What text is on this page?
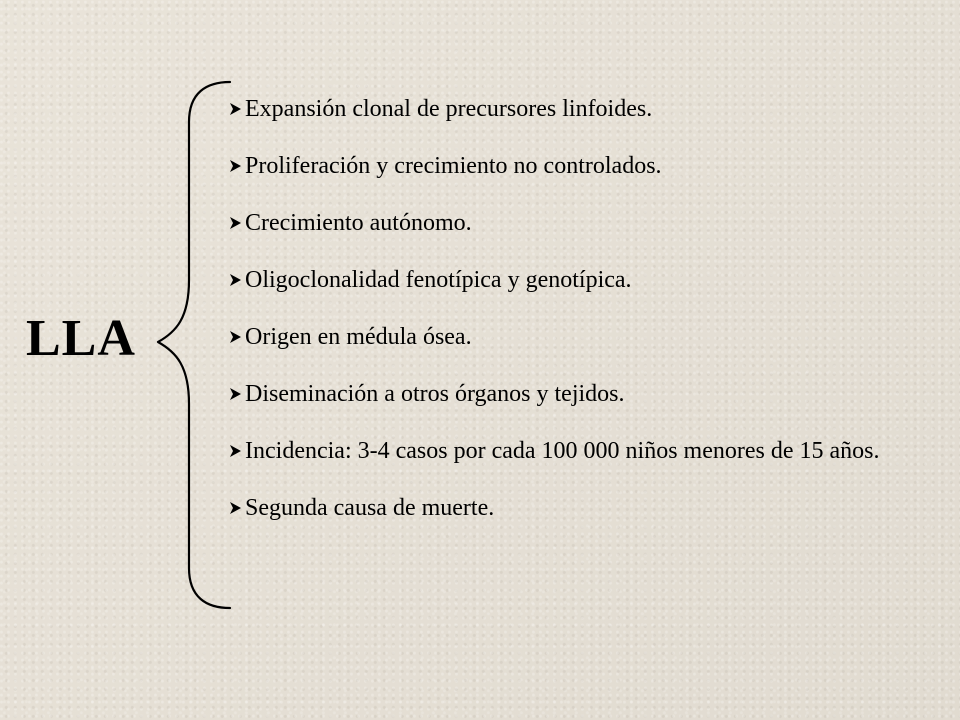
LLA
Expansión clonal de precursores linfoides.
Proliferación y crecimiento no controlados.
Crecimiento autónomo.
Oligoclonalidad fenotípica y genotípica.
Origen en médula ósea.
Diseminación a otros órganos y tejidos.
Incidencia: 3-4 casos por cada 100 000 niños menores de 15 años.
Segunda causa de muerte.
